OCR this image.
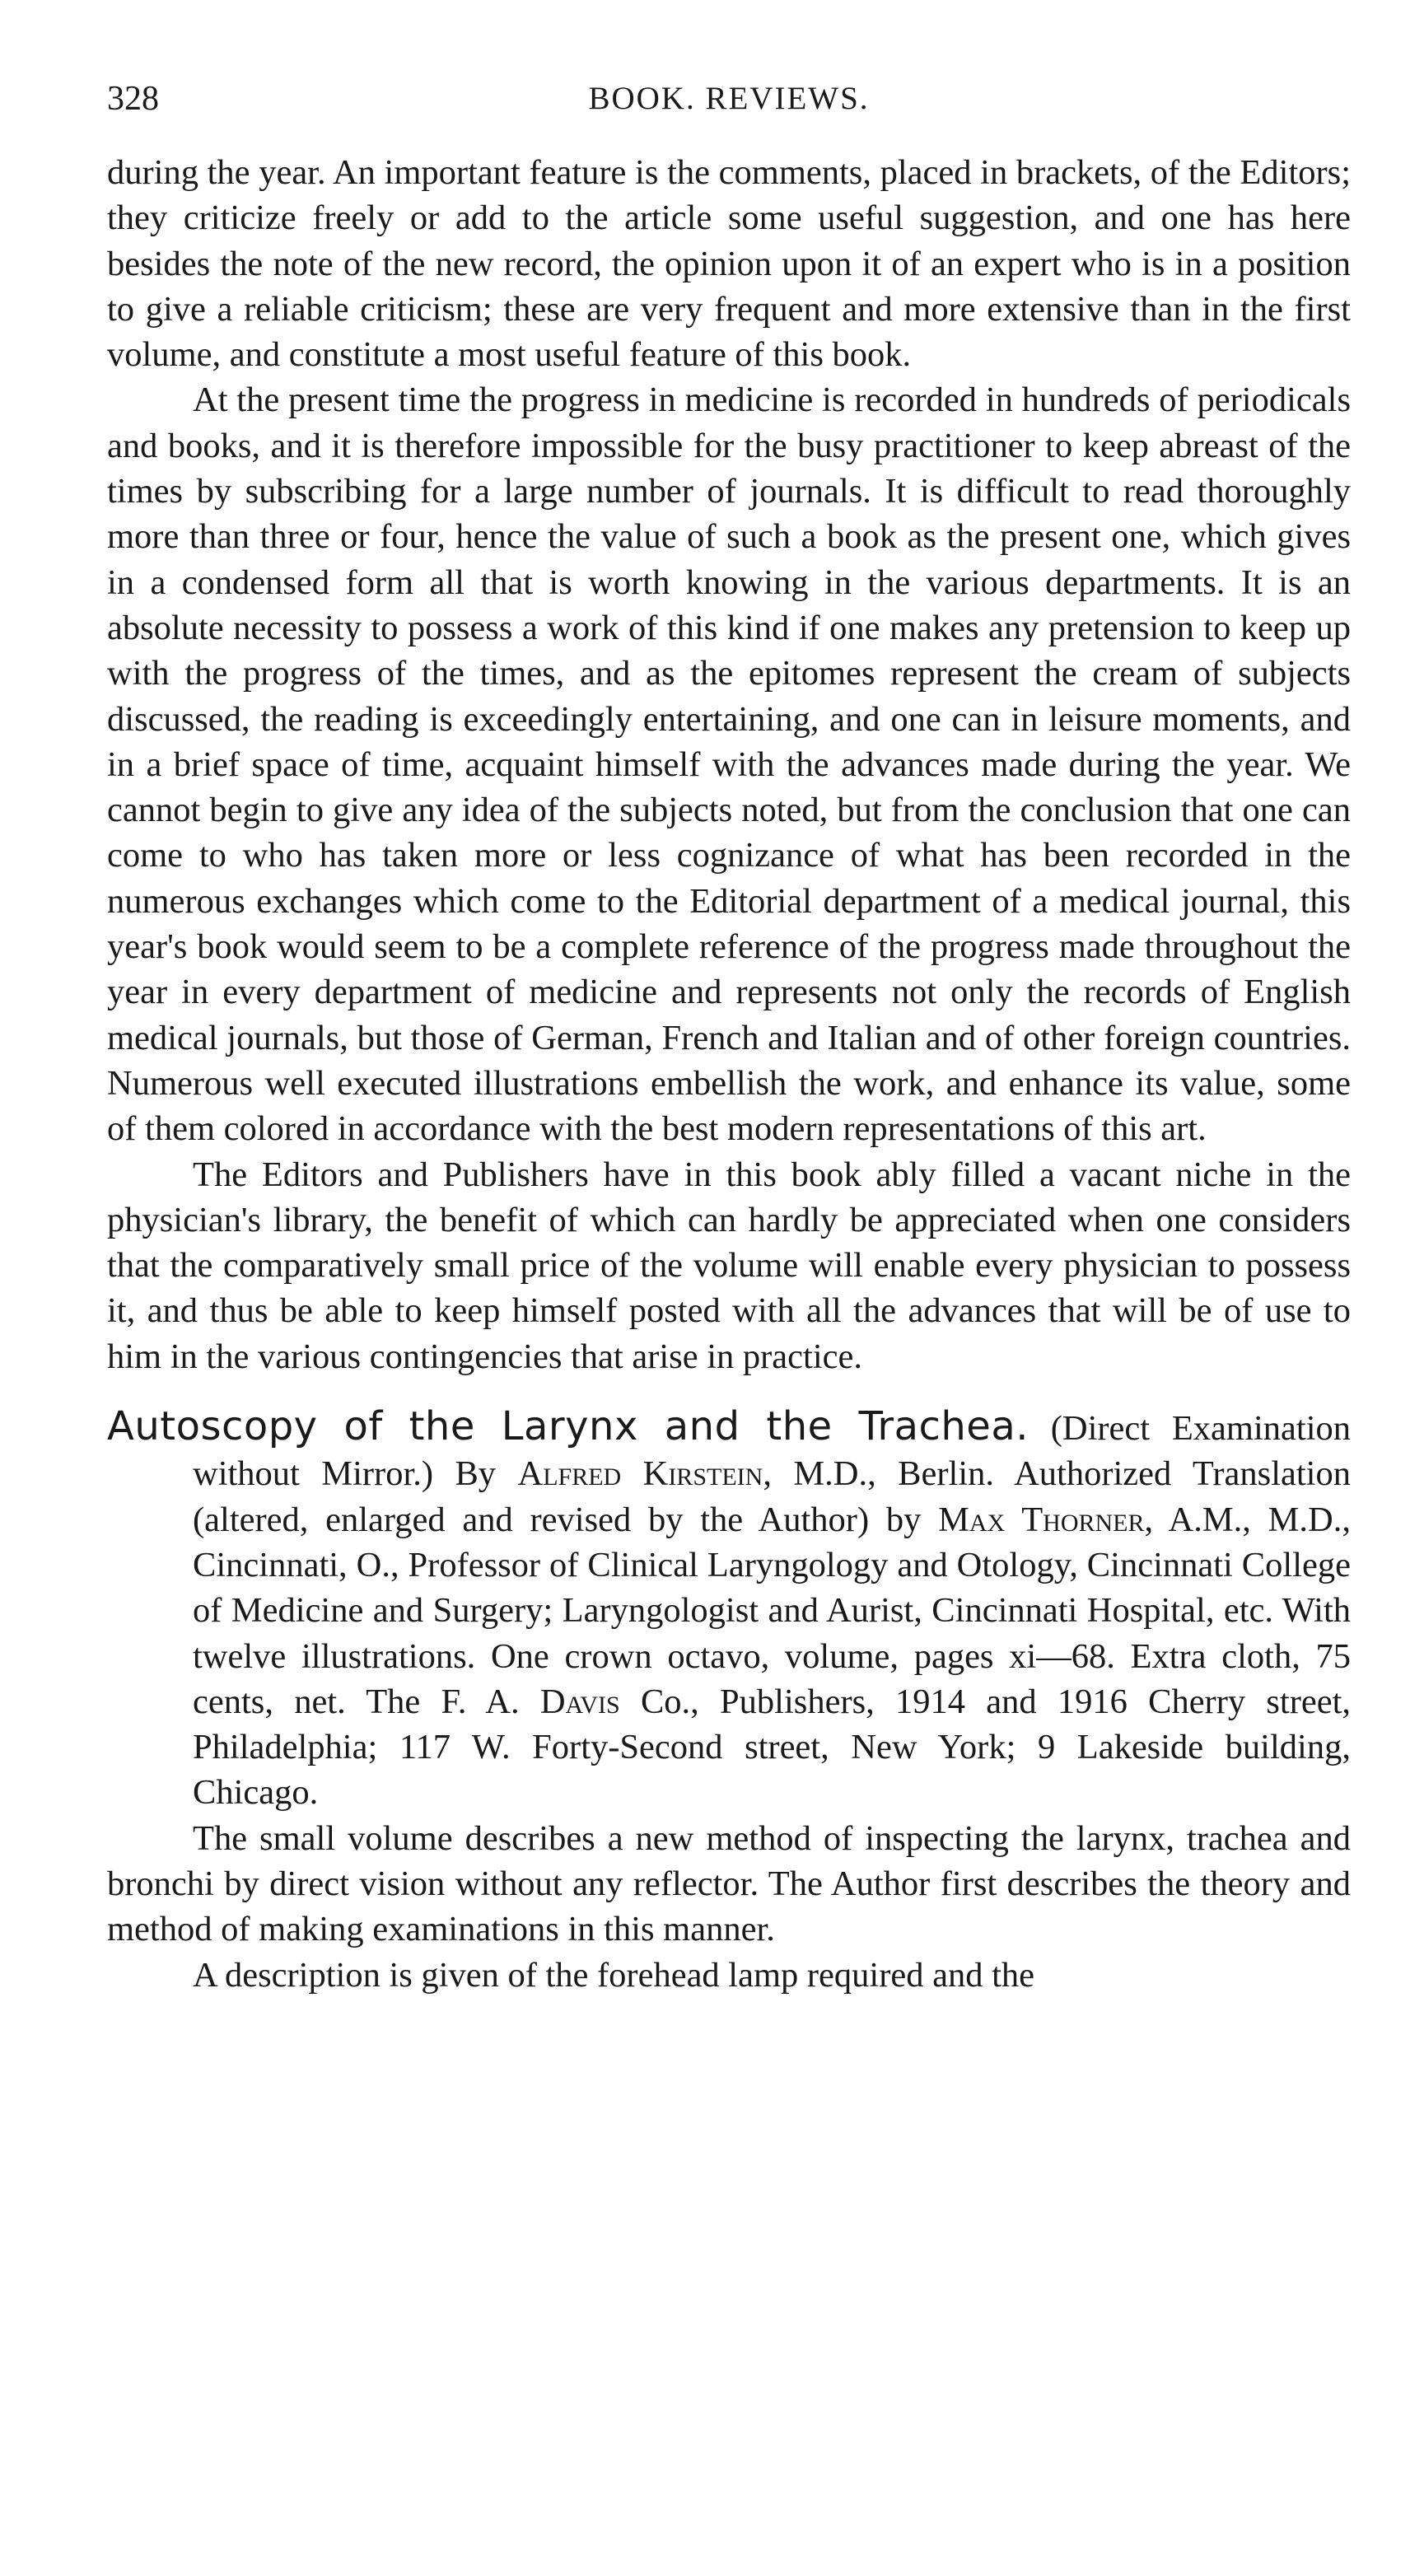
328	BOOK. REVIEWS.

during the year. An important feature is the comments, placed in brackets, of the Editors; they criticize freely or add to the article some useful suggestion, and one has here besides the note of the new record, the opinion upon it of an expert who is in a position to give a reliable criticism; these are very frequent and more extensive than in the first volume, and constitute a most useful feature of this book.

At the present time the progress in medicine is recorded in hundreds of periodicals and books, and it is therefore impossible for the busy practitioner to keep abreast of the times by subscribing for a large number of journals. It is difficult to read thoroughly more than three or four, hence the value of such a book as the present one, which gives in a condensed form all that is worth knowing in the various departments. It is an absolute necessity to possess a work of this kind if one makes any pretension to keep up with the progress of the times, and as the epitomes represent the cream of subjects discussed, the reading is exceedingly entertaining, and one can in leisure moments, and in a brief space of time, acquaint himself with the advances made during the year. We cannot begin to give any idea of the subjects noted, but from the conclusion that one can come to who has taken more or less cognizance of what has been recorded in the numerous exchanges which come to the Editorial department of a medical journal, this year's book would seem to be a complete reference of the progress made throughout the year in every department of medicine and represents not only the records of English medical journals, but those of German, French and Italian and of other foreign countries. Numerous well executed illustrations embellish the work, and enhance its value, some of them colored in accordance with the best modern representations of this art.

The Editors and Publishers have in this book ably filled a vacant niche in the physician's library, the benefit of which can hardly be appreciated when one considers that the comparatively small price of the volume will enable every physician to possess it, and thus be able to keep himself posted with all the advances that will be of use to him in the various contingencies that arise in practice.

Autoscopy of the Larynx and the Trachea. (Direct Examination without Mirror.) By Alfred Kirstein, M.D., Berlin. Authorized Translation (altered, enlarged and revised by the Author) by Max Thorner, A.M., M.D., Cincinnati, O., Professor of Clinical Laryngology and Otology, Cincinnati College of Medicine and Surgery; Laryngologist and Aurist, Cincinnati Hospital, etc. With twelve illustrations. One crown octavo, volume, pages xi—68. Extra cloth, 75 cents, net. The F. A. Davis Co., Publishers, 1914 and 1916 Cherry street, Philadelphia; 117 W. Forty-Second street, New York; 9 Lakeside building, Chicago.

The small volume describes a new method of inspecting the larynx, trachea and bronchi by direct vision without any reflector. The Author first describes the theory and method of making examinations in this manner.

A description is given of the forehead lamp required and the
